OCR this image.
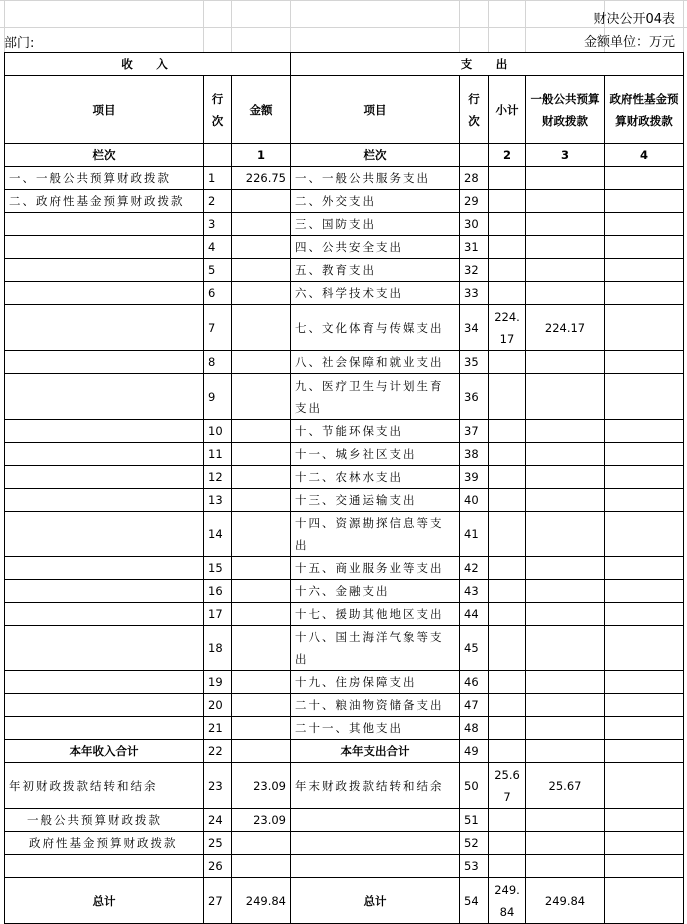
财决公开04表
部门:	金额单位：万元
收　入			支　出				
项目	行次	金额	项目	行次	小计	一般公共预算财政拨款	政府性基金预算财政拨款
栏次		1	栏次		2	3	4
一、一般公共预算财政拨款	1	226.75	一、一般公共服务支出	28			
二、政府性基金预算财政拨款	2		二、外交支出	29			
	3		三、国防支出	30			
	4		四、公共安全支出	31			
	5		五、教育支出	32			
	6		六、科学技术支出	33			
	7		七、文化体育与传媒支出	34	224.17	224.17	
	8		八、社会保障和就业支出	35			
	9		九、医疗卫生与计划生育支出	36			
	10		十、节能环保支出	37			
	11		十一、城乡社区支出	38			
	12		十二、农林水支出	39			
	13		十三、交通运输支出	40			
	14		十四、资源勘探信息等支出	41			
	15		十五、商业服务业等支出	42			
	16		十六、金融支出	43			
	17		十七、援助其他地区支出	44			
	18		十八、国土海洋气象等支出	45			
	19		十九、住房保障支出	46			
	20		二十、粮油物资储备支出	47			
	21		二十一、其他支出	48			
本年收入合计	22		本年支出合计	49			
年初财政拨款结转和结余	23	23.09	年末财政拨款结转和结余	50	25.67	25.67	
一般公共预算财政拨款	24	23.09		51			
政府性基金预算财政拨款	25			52			
	26			53			
总计	27	249.84	总计	54	249.84	249.84	
